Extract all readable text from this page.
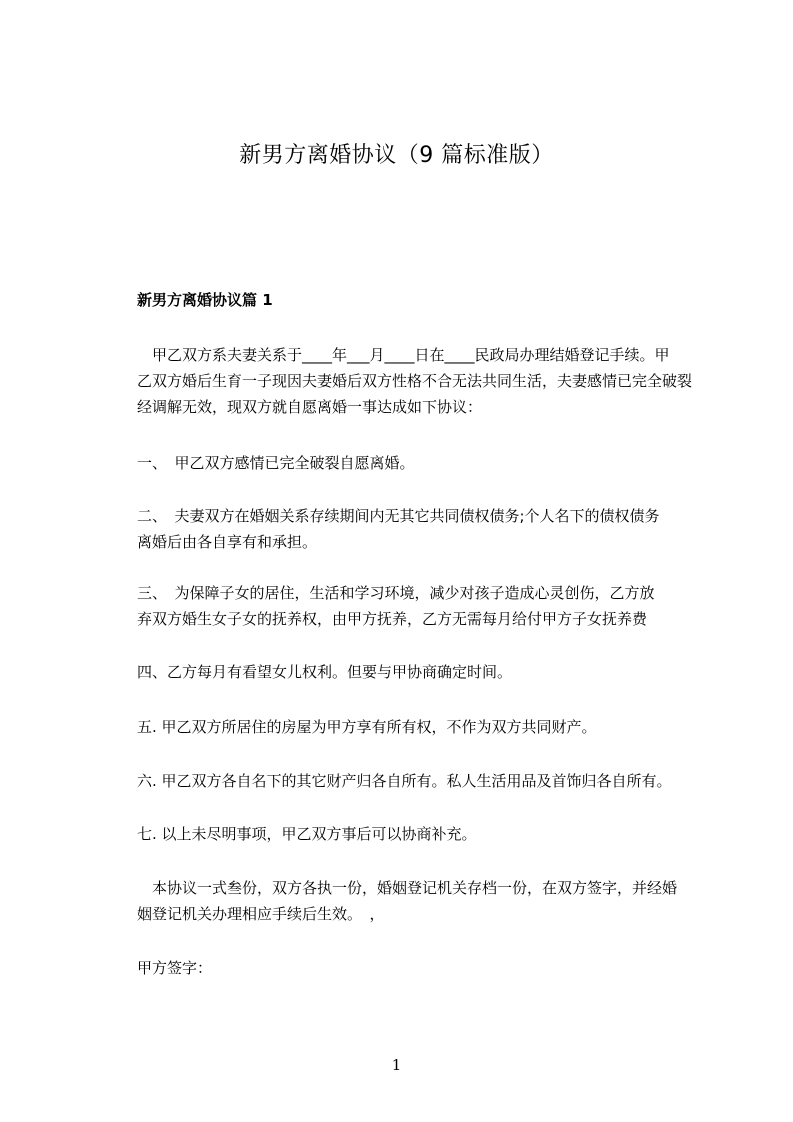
新男方离婚协议（9 篇标准版）
新男方离婚协议篇 1
　甲乙双方系夫妻关系于____年___月____日在____民政局办理结婚登记手续。甲
乙双方婚后生育一子现因夫妻婚后双方性格不合无法共同生活，夫妻感情已完全破裂
经调解无效，现双方就自愿离婚一事达成如下协议：
一、　甲乙双方感情已完全破裂自愿离婚。
二、　夫妻双方在婚姻关系存续期间内无其它共同债权债务;个人名下的债权债务
离婚后由各自享有和承担。
三、　为保障子女的居住，生活和学习环境，减少对孩子造成心灵创伤，乙方放
弃双方婚生女子女的抚养权，由甲方抚养，乙方无需每月给付甲方子女抚养费
四、乙方每月有看望女儿权利。但要与甲协商确定时间。
五. 甲乙双方所居住的房屋为甲方享有所有权，不作为双方共同财产。
六. 甲乙双方各自名下的其它财产归各自所有。私人生活用品及首饰归各自所有。
七. 以上未尽明事项，甲乙双方事后可以协商补充。
　本协议一式叁份，双方各执一份，婚姻登记机关存档一份，在双方签字，并经婚
姻登记机关办理相应手续后生效。　，
甲方签字：
1
